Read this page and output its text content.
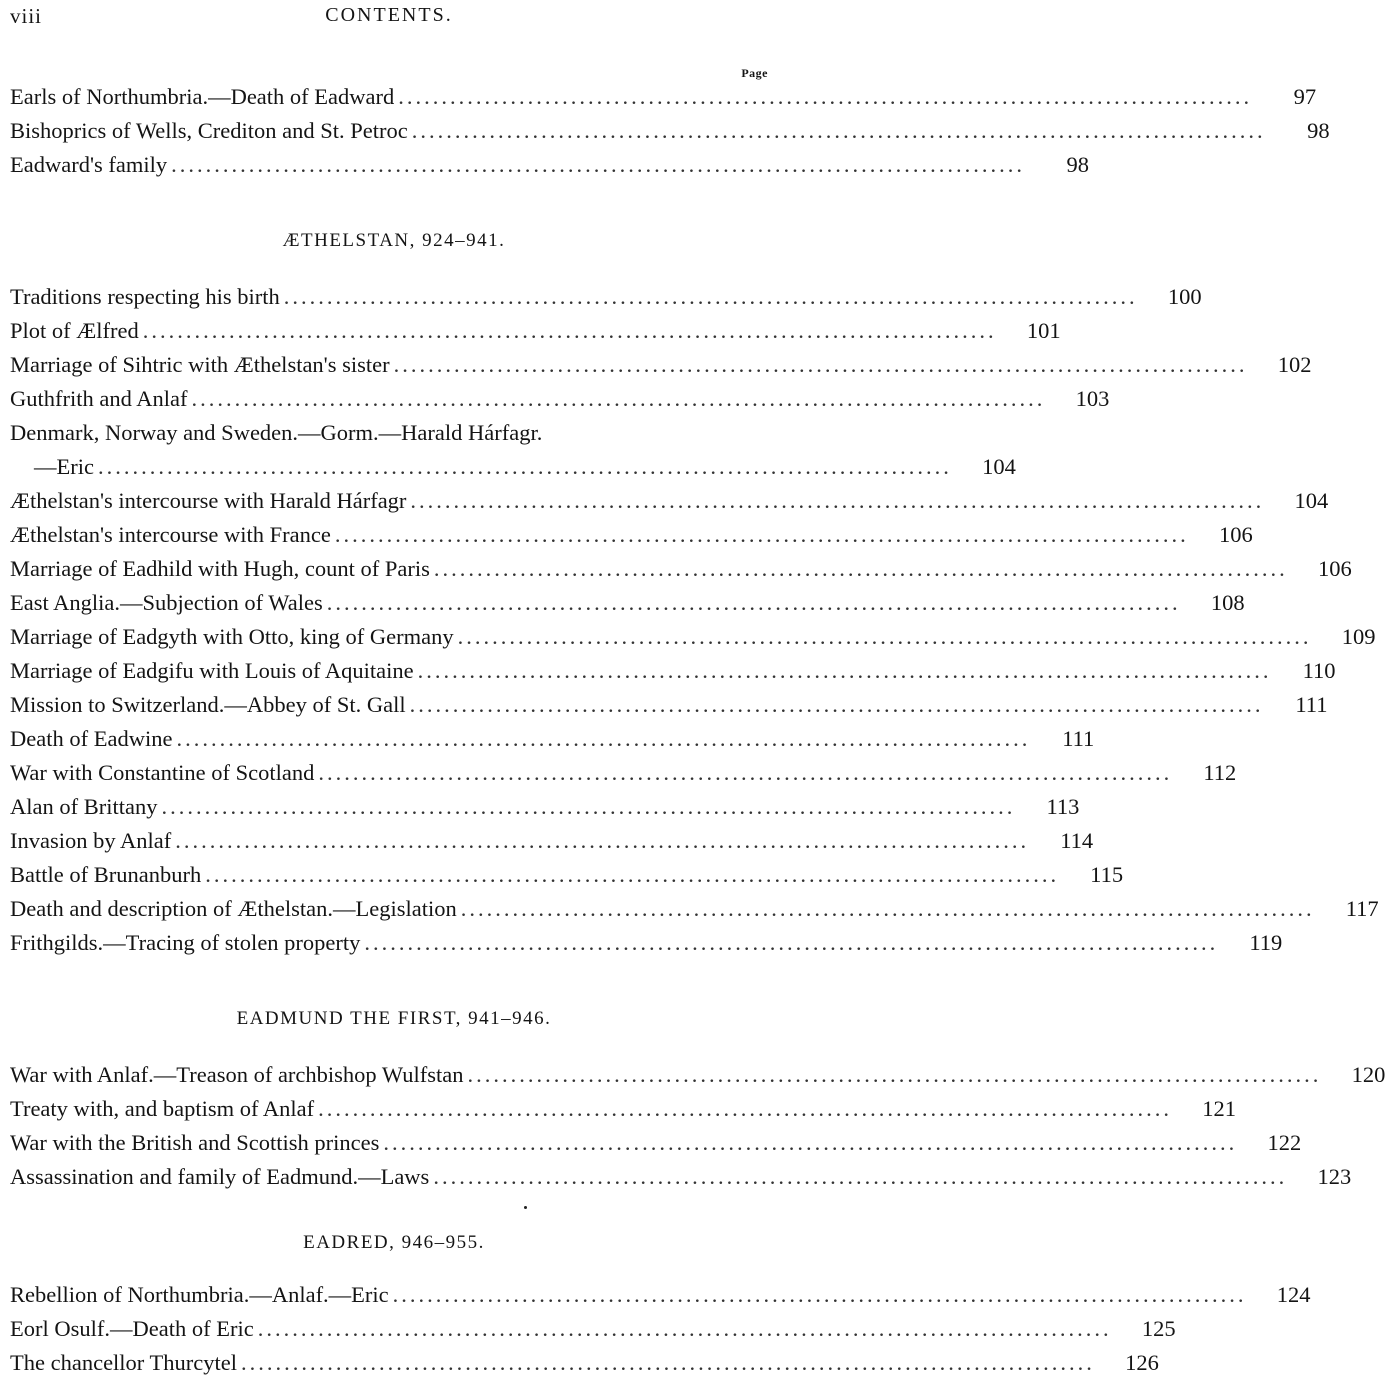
viii	CONTENTS.
Page
Earls of Northumbria.—Death of Eadward ...................................................................................................	97
Bishoprics of Wells, Crediton and St. Petroc ...................................................................................................	98
Eadward's family ...................................................................................................	98
ÆTHELSTAN, 924–941.
Traditions respecting his birth ...................................................................................................	100
Plot of Ælfred ...................................................................................................	101
Marriage of Sihtric with Æthelstan's sister ...................................................................................................	102
Guthfrith and Anlaf ...................................................................................................	103
Denmark, Norway and Sweden.—Gorm.—Harald Hárfagr.
—Eric ...................................................................................................	104
Æthelstan's intercourse with Harald Hárfagr ...................................................................................................	104
Æthelstan's intercourse with France ...................................................................................................	106
Marriage of Eadhild with Hugh, count of Paris ...................................................................................................	106
East Anglia.—Subjection of Wales ...................................................................................................	108
Marriage of Eadgyth with Otto, king of Germany ...................................................................................................	109
Marriage of Eadgifu with Louis of Aquitaine ...................................................................................................	110
Mission to Switzerland.—Abbey of St. Gall ...................................................................................................	111
Death of Eadwine ...................................................................................................	111
War with Constantine of Scotland ...................................................................................................	112
Alan of Brittany ...................................................................................................	113
Invasion by Anlaf ...................................................................................................	114
Battle of Brunanburh ...................................................................................................	115
Death and description of Æthelstan.—Legislation ...................................................................................................	117
Frithgilds.—Tracing of stolen property ...................................................................................................	119
EADMUND THE FIRST, 941–946.
War with Anlaf.—Treason of archbishop Wulfstan ...................................................................................................	120
Treaty with, and baptism of Anlaf ...................................................................................................	121
War with the British and Scottish princes ...................................................................................................	122
Assassination and family of Eadmund.—Laws ...................................................................................................	123
EADRED, 946–955.
Rebellion of Northumbria.—Anlaf.—Eric ...................................................................................................	124
Eorl Osulf.—Death of Eric ...................................................................................................	125
The chancellor Thurcytel ...................................................................................................	126
